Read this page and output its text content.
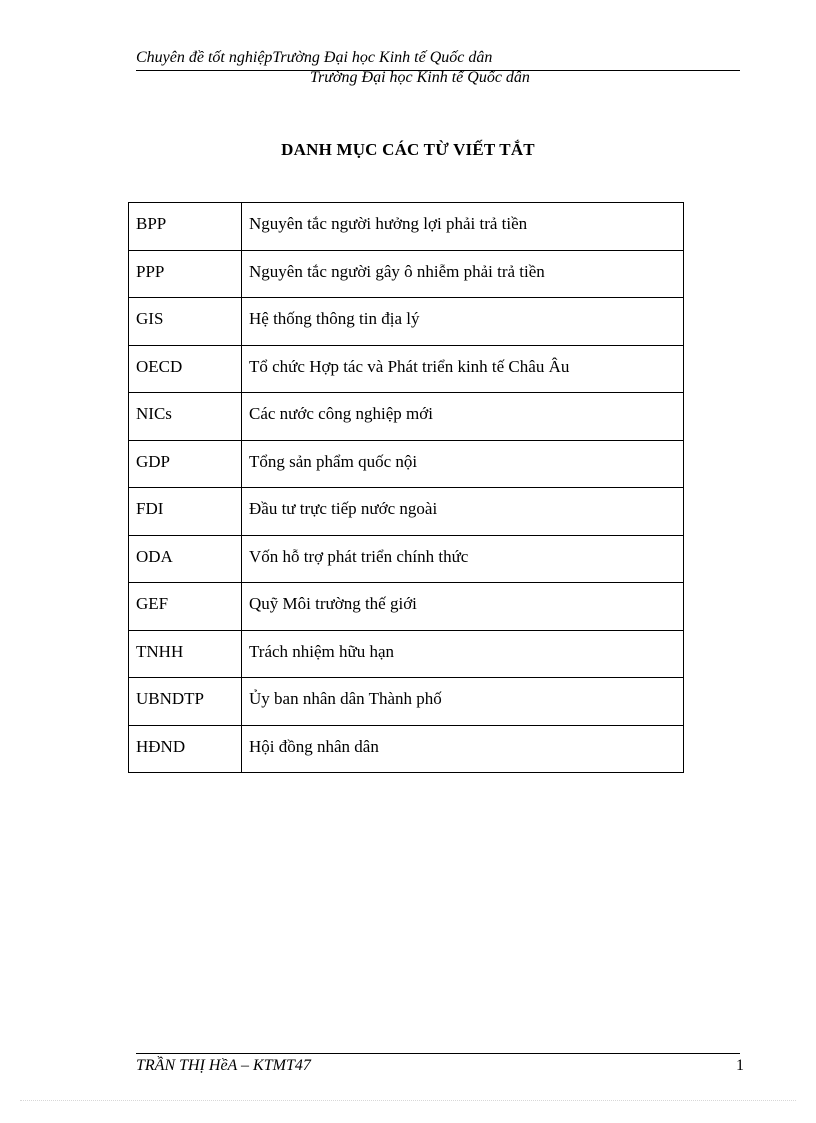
Chuyên đề tốt nghiệpTrường Đại học Kinh tế Quốc dân
Trường Đại học Kinh tế Quốc dân
DANH MỤC CÁC TỪ VIẾT TẮT
BPP	Nguyên tắc người hưởng lợi phải trả tiền
PPP	Nguyên tắc người gây ô nhiễm phải trả tiền
GIS	Hệ thống thông tin địa lý
OECD	Tổ chức Hợp tác và Phát triển kinh tế Châu Âu
NICs	Các nước công nghiệp mới
GDP	Tổng sản phẩm quốc nội
FDI	Đầu tư trực tiếp nước ngoài
ODA	Vốn hỗ trợ phát triển chính thức
GEF	Quỹ Môi trường thế giới
TNHH	Trách nhiệm hữu hạn
UBNDTP	Ủy ban nhân dân Thành phố
HĐND	Hội đồng nhân dân
TRẦN THỊ HềA – KTMT47	1
